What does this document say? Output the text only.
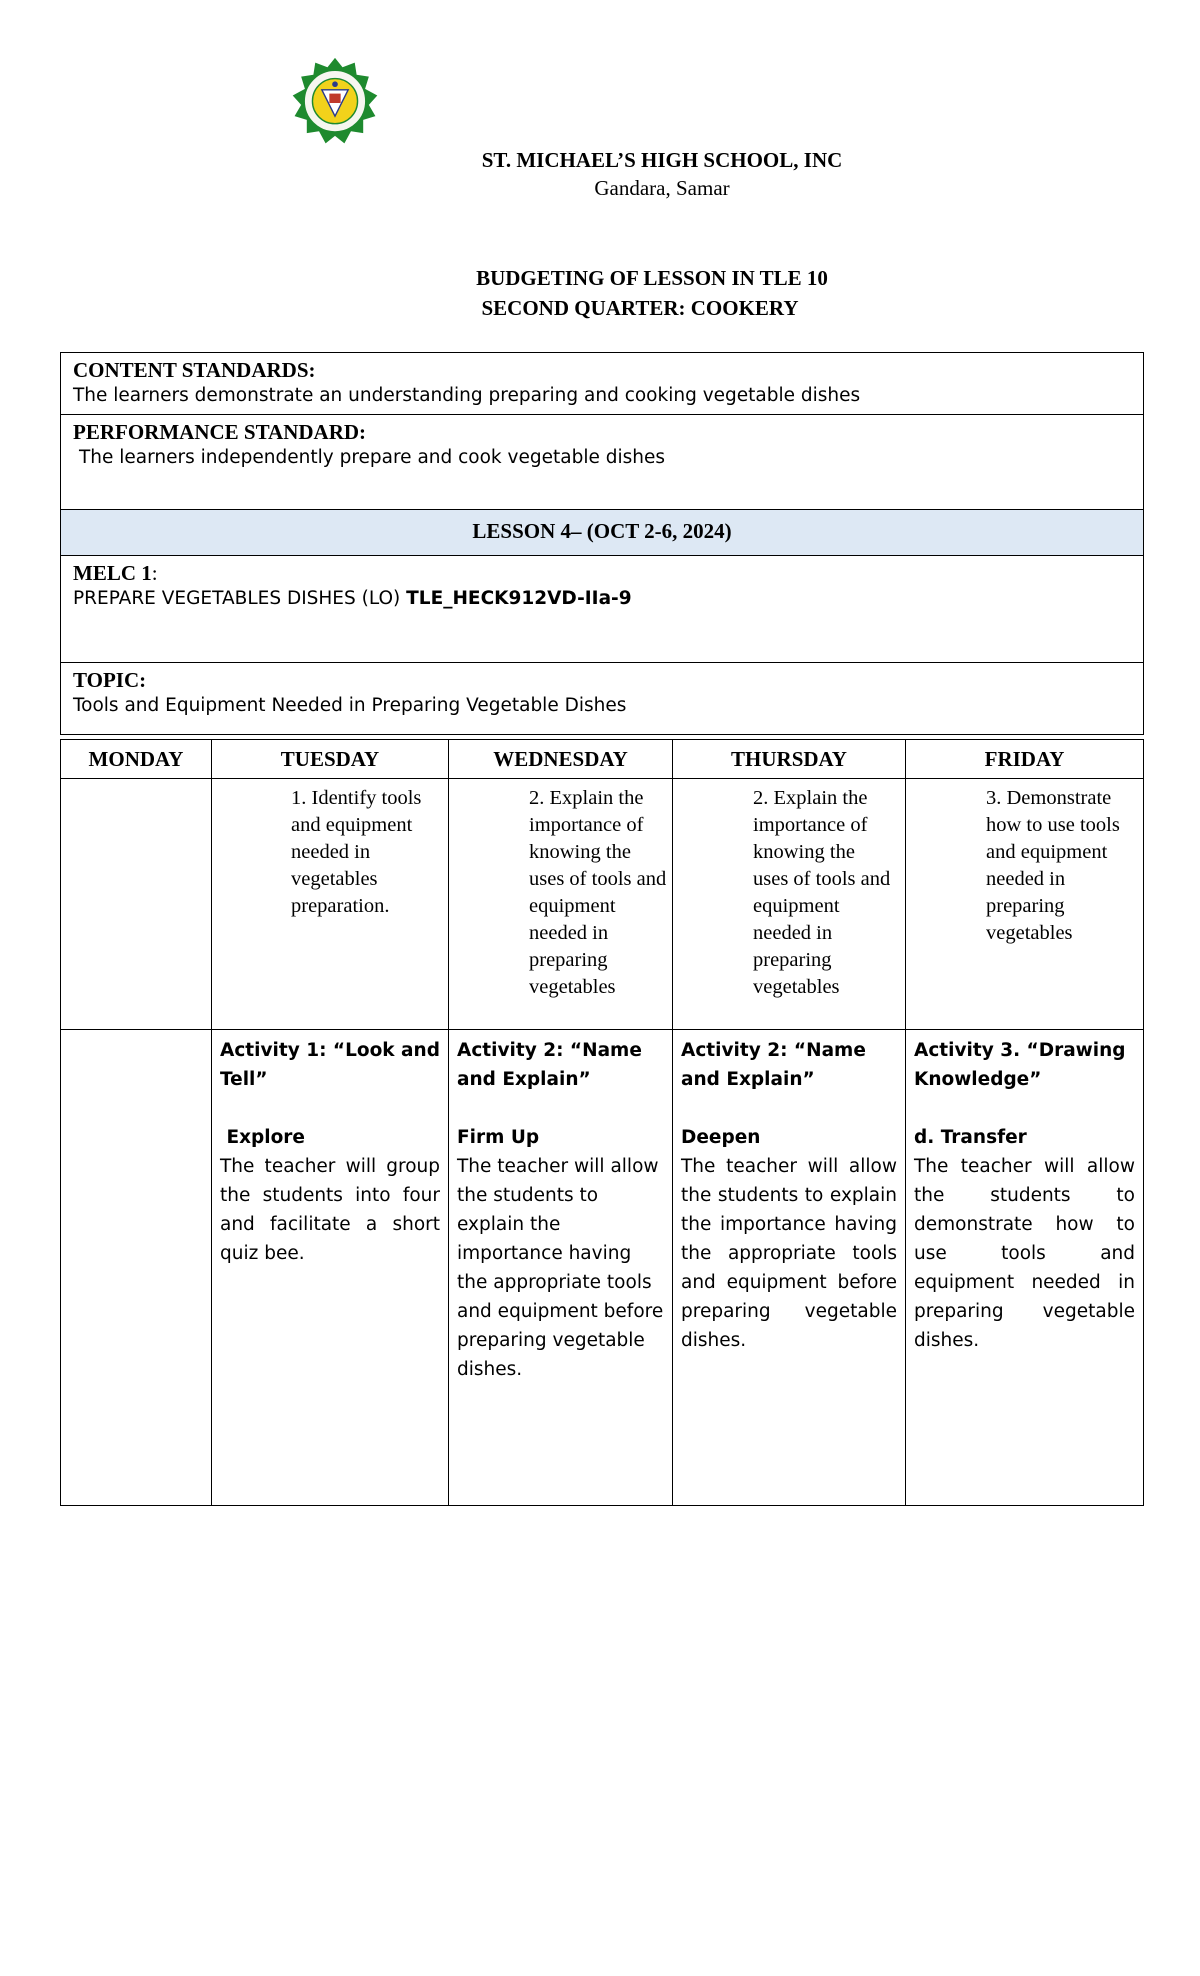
ST. MICHAEL’S HIGH SCHOOL, INC
Gandara, Samar
BUDGETING OF LESSON IN TLE 10
SECOND QUARTER: COOKERY
CONTENT STANDARDS:
The learners demonstrate an understanding preparing and cooking vegetable dishes
PERFORMANCE STANDARD:
The learners independently prepare and cook vegetable dishes
LESSON 4– (OCT 2-6, 2024)
MELC 1:
PREPARE VEGETABLES DISHES (LO) TLE_HECK912VD-IIa-9
TOPIC:
Tools and Equipment Needed in Preparing Vegetable Dishes
MONDAY	TUESDAY	WEDNESDAY	THURSDAY	FRIDAY

	1. Identify tools and equipment needed in vegetables preparation.	2. Explain the importance of knowing the uses of tools and equipment needed in preparing vegetables	2. Explain the importance of knowing the uses of tools and equipment needed in preparing vegetables	3. Demonstrate how to use tools and equipment needed in preparing vegetables

	Activity 1: “Look and Tell”
Explore
The teacher will group the students into four and facilitate a short quiz bee.	Activity 2: “Name and Explain”
Firm Up
The teacher will allow the students to explain the importance having the appropriate tools and equipment before preparing vegetable dishes.	Activity 2: “Name and Explain”
Deepen
The teacher will allow the students to explain the importance having the appropriate tools and equipment before preparing vegetable dishes.	Activity 3. “Drawing Knowledge”
d. Transfer
The teacher will allow the students to demonstrate how to use tools and equipment needed in preparing vegetable dishes.
